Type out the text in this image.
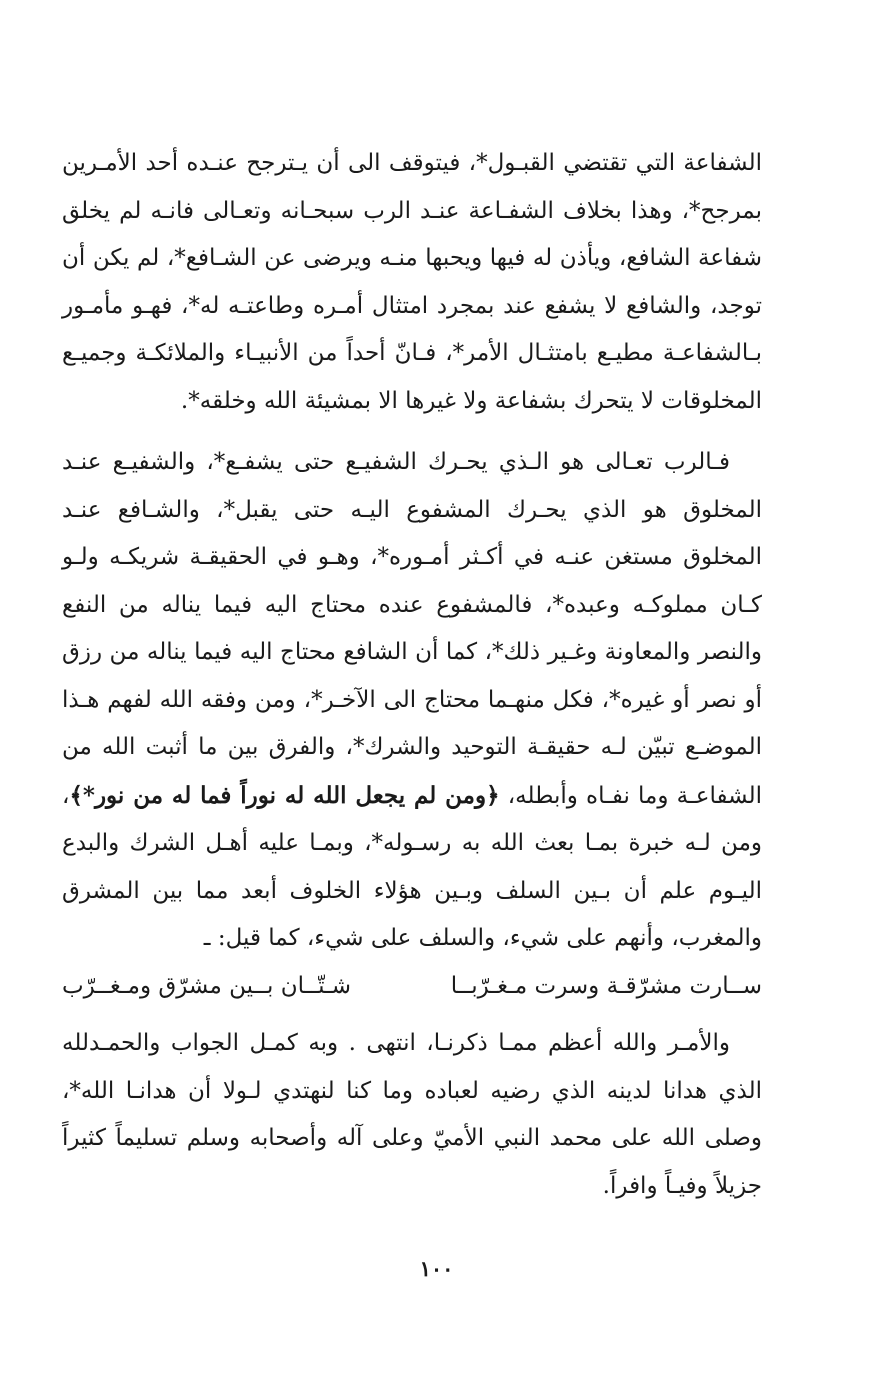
الشفاعة التي تقتضي القبـول*، فيتوقف الى أن يـترجح عنـده أحد الأمـرين بمرجح*، وهذا بخلاف الشفـاعة عنـد الرب سبحـانه وتعـالى فانـه لم يخلق شفاعة الشافع، ويأذن له فيها ويحبها منـه ويرضى عن الشـافع*، لم يكن أن توجد، والشافع لا يشفع عند بمجرد امتثال أمـره وطاعتـه له*، فهـو مأمـور بـالشفاعـة مطيـع بامتثـال الأمر*، فـانّ أحداً من الأنبيـاء والملائكـة وجميـع المخلوقات لا يتحرك بشفاعة ولا غيرها الا بمشيئة الله وخلقه*.

فـالرب تعـالى هو الـذي يحـرك الشفيـع حتى يشفـع*، والشفيـع عنـد المخلوق هو الذي يحـرك المشفوع اليـه حتى يقبل*، والشـافع عنـد المخلوق مستغن عنـه في أكـثر أمـوره*، وهـو في الحقيقـة شريكـه ولـو كـان مملوكـه وعبده*، فالمشفوع عنده محتاج اليه فيما يناله من النفع والنصر والمعاونة وغـير ذلك*، كما أن الشافع محتاج اليه فيما يناله من رزق أو نصر أو غيره*، فكل منهـما محتاج الى الآخـر*، ومن وفقه الله لفهم هـذا الموضـع تبيّن لـه حقيقـة التوحيد والشرك*، والفرق بين ما أثبت الله من الشفاعـة وما نفـاه وأبطله، ﴿ومن لم يجعل الله له نوراً فما له من نور*﴾، ومن لـه خبرة بمـا بعث الله به رسـوله*، وبمـا عليه أهـل الشرك والبدع اليـوم علم أن بـين السلف وبـين هؤلاء الخلوف أبعد مما بين المشرق والمغرب، وأنهم على شيء، والسلف على شيء، كما قيل: ـ

ســارت مشرّقـة وسرت مـغـرّبــا
شـتّــان بــين مشرّق ومـغــرّب

والأمـر والله أعظم ممـا ذكرنـا، انتهى . وبه كمـل الجواب والحمـدلله الذي هدانا لدينه الذي رضيه لعباده وما كنا لنهتدي لـولا أن هدانـا الله*، وصلى الله على محمد النبي الأميّ وعلى آله وأصحابه وسلم تسليماً كثيراً جزيلاً وفيـاً وافراً.

١٠٠
